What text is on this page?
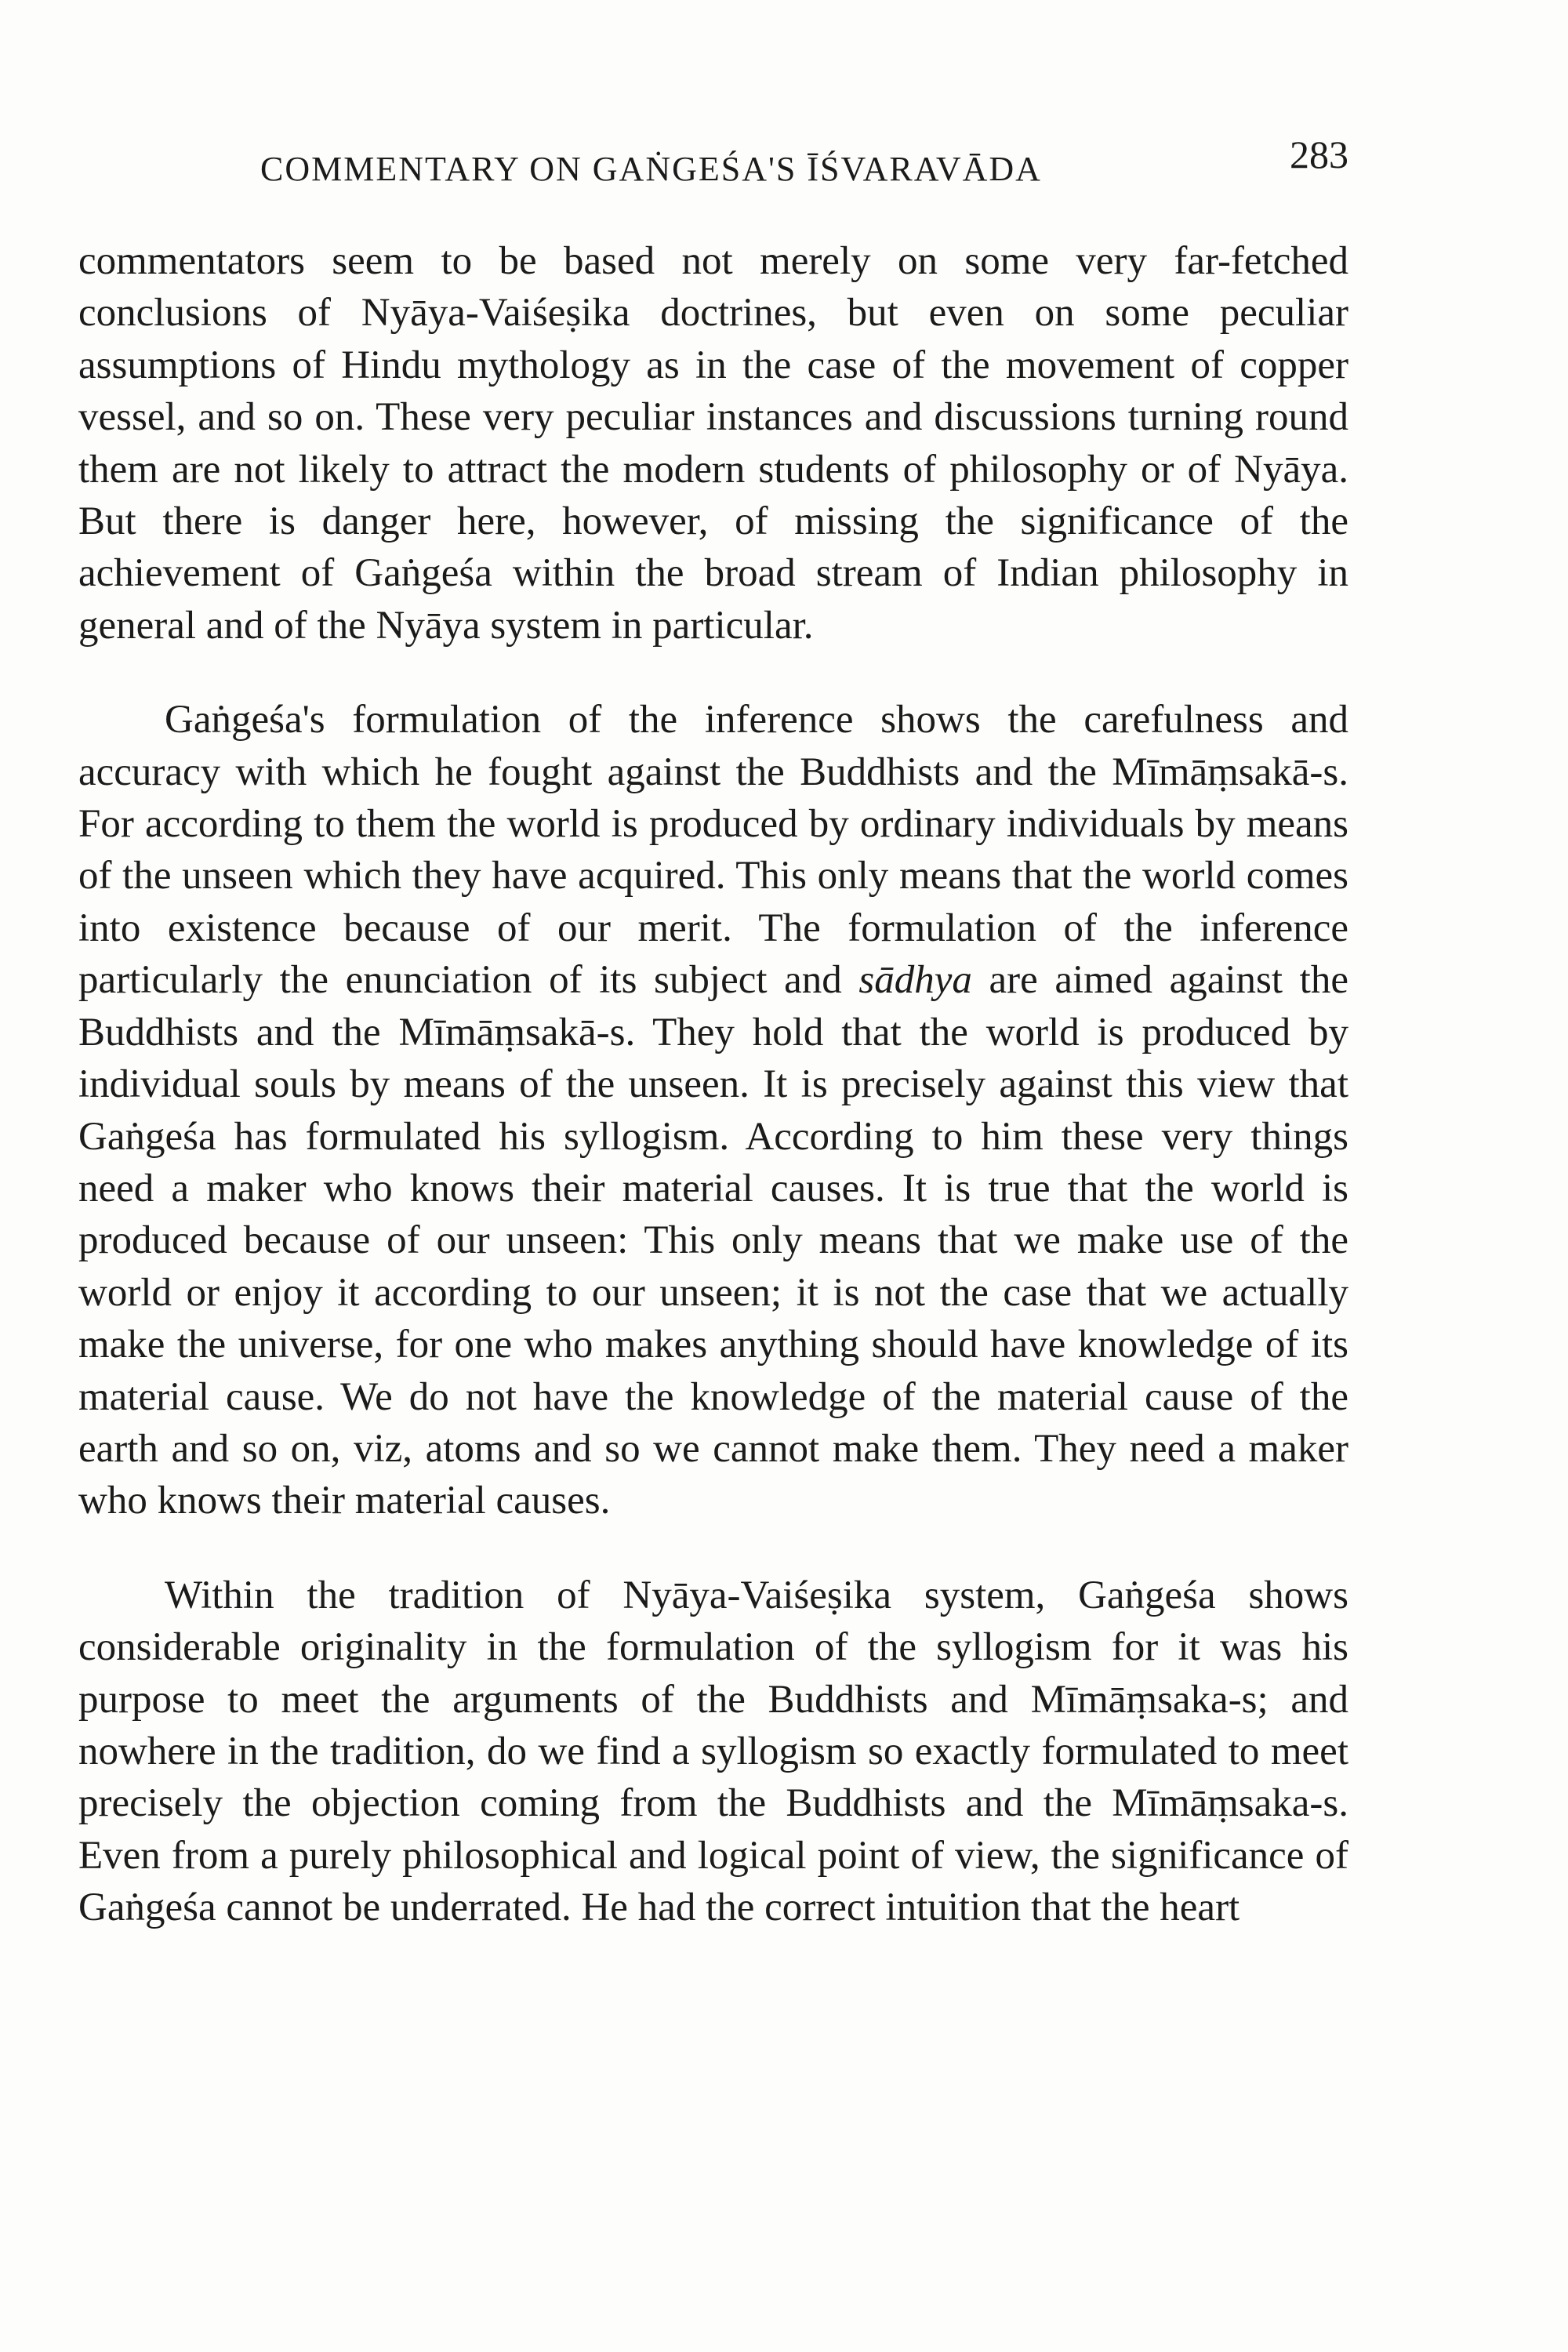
COMMENTARY ON GAṄGEŚA'S ĪŚVARAVĀDA	283

commentators seem to be based not merely on some very far-fetched conclusions of Nyāya-Vaiśeṣika doctrines, but even on some peculiar assumptions of Hindu mythology as in the case of the movement of copper vessel, and so on. These very peculiar instances and discussions turning round them are not likely to attract the modern students of philosophy or of Nyāya. But there is danger here, however, of missing the significance of the achievement of Gaṅgeśa within the broad stream of Indian philosophy in general and of the Nyāya system in particular.

Gaṅgeśa's formulation of the inference shows the carefulness and accuracy with which he fought against the Buddhists and the Mīmāṃsakā-s. For according to them the world is produced by ordinary individuals by means of the unseen which they have acquired. This only means that the world comes into existence because of our merit. The formulation of the inference particularly the enunciation of its subject and sādhya are aimed against the Buddhists and the Mīmāṃsakā-s. They hold that the world is produced by individual souls by means of the unseen. It is precisely against this view that Gaṅgeśa has formulated his syllogism. According to him these very things need a maker who knows their material causes. It is true that the world is produced because of our unseen: This only means that we make use of the world or enjoy it according to our unseen; it is not the case that we actually make the universe, for one who makes anything should have knowledge of its material cause. We do not have the knowledge of the material cause of the earth and so on, viz, atoms and so we cannot make them. They need a maker who knows their material causes.

Within the tradition of Nyāya-Vaiśeṣika system, Gaṅgeśa shows considerable originality in the formulation of the syllogism for it was his purpose to meet the arguments of the Buddhists and Mīmāṃsaka-s; and nowhere in the tradition, do we find a syllogism so exactly formulated to meet precisely the objection coming from the Buddhists and the Mīmāṃsaka-s. Even from a purely philosophical and logical point of view, the significance of Gaṅgeśa cannot be underrated. He had the correct intuition that the heart
